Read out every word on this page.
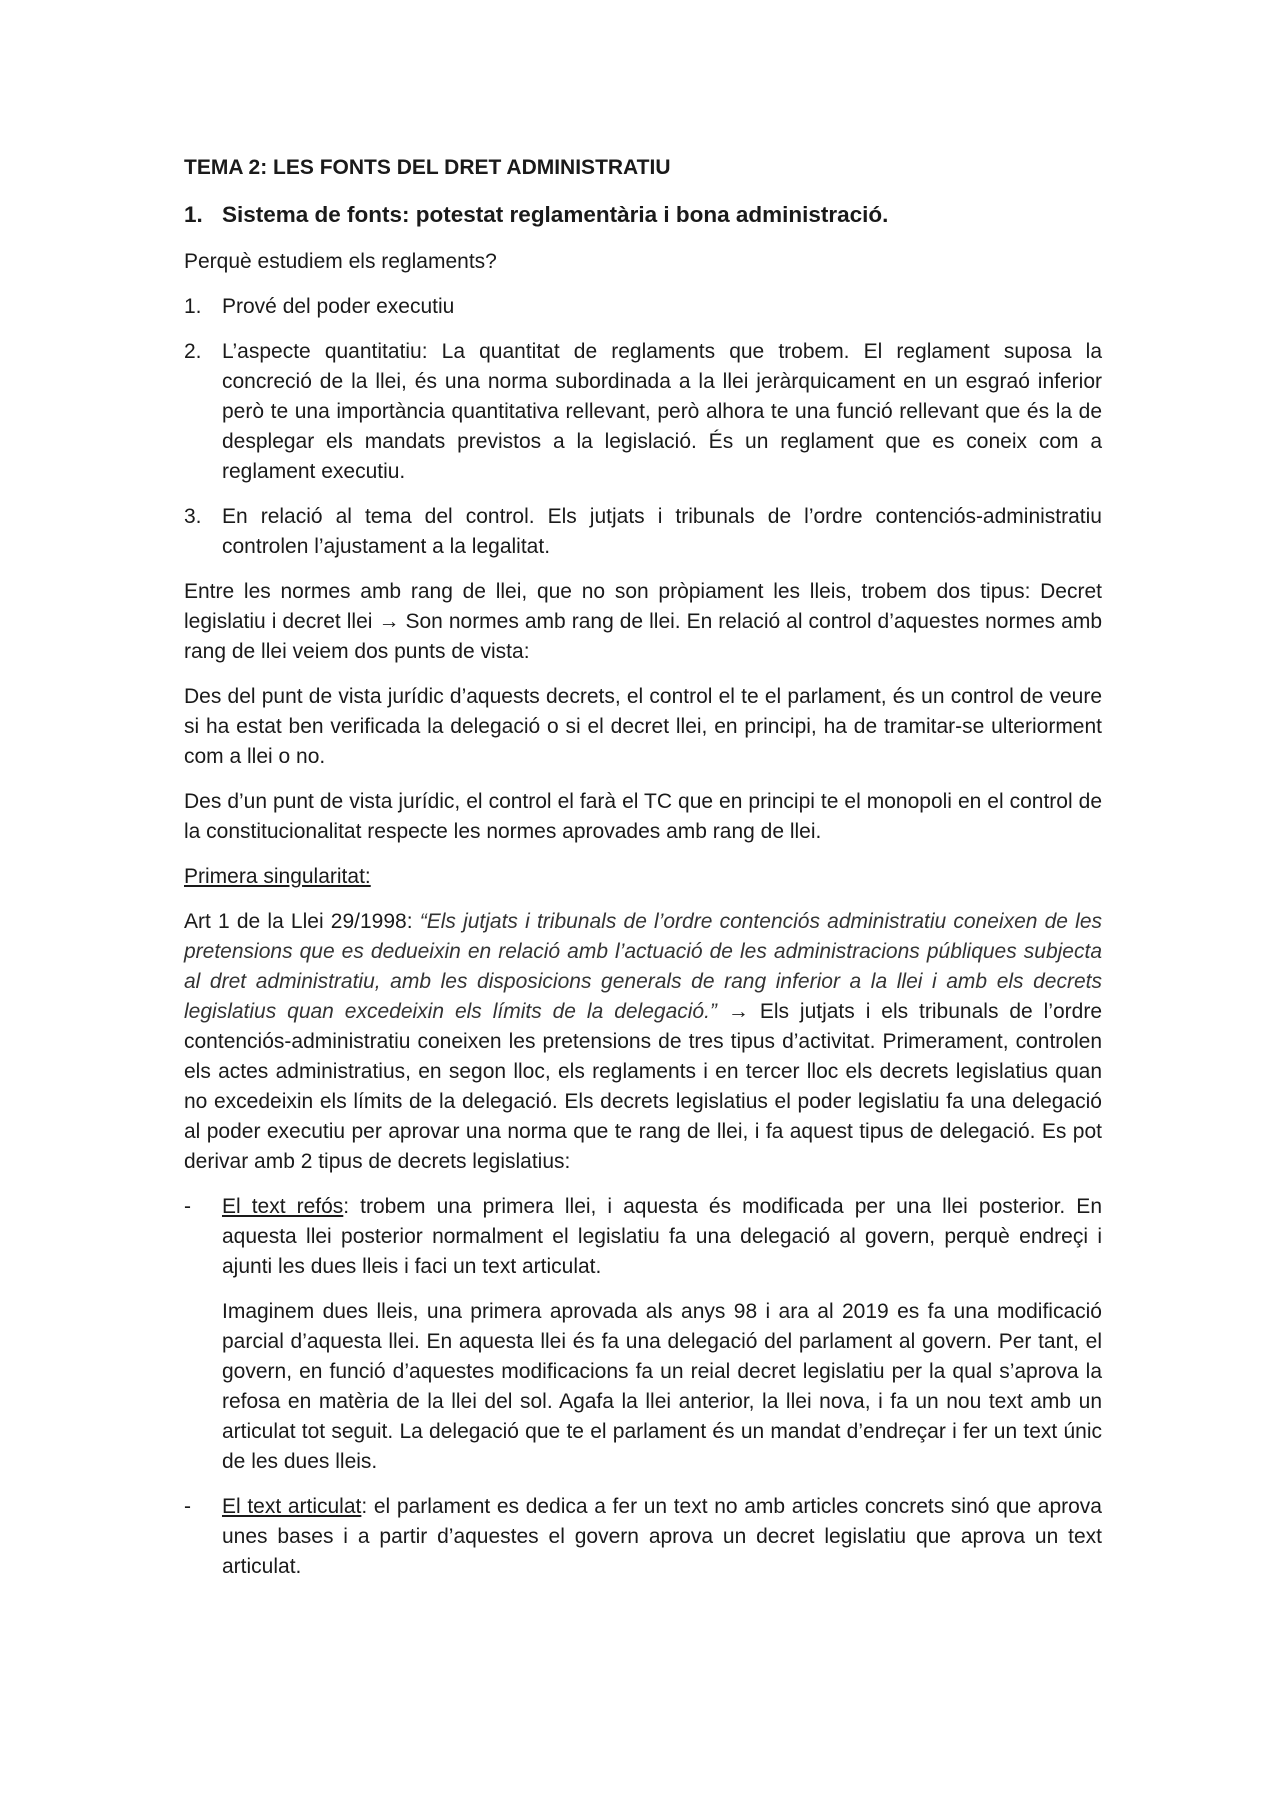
TEMA 2: LES FONTS DEL DRET ADMINISTRATIU

1. Sistema de fonts: potestat reglamentària i bona administració.

Perquè estudiem els reglaments?

1. Prové del poder executiu
2. L’aspecte quantitatiu: La quantitat de reglaments que trobem. El reglament suposa la concreció de la llei, és una norma subordinada a la llei jeràrquicament en un esgraó inferior però te una importància quantitativa rellevant, però alhora te una funció rellevant que és la de desplegar els mandats previstos a la legislació. És un reglament que es coneix com a reglament executiu.
3. En relació al tema del control. Els jutjats i tribunals de l’ordre contenciós-administratiu controlen l’ajustament a la legalitat.

Entre les normes amb rang de llei, que no son pròpiament les lleis, trobem dos tipus: Decret legislatiu i decret llei → Son normes amb rang de llei. En relació al control d’aquestes normes amb rang de llei veiem dos punts de vista:

Des del punt de vista jurídic d’aquests decrets, el control el te el parlament, és un control de veure si ha estat ben verificada la delegació o si el decret llei, en principi, ha de tramitar-se ulteriorment com a llei o no.

Des d’un punt de vista jurídic, el control el farà el TC que en principi te el monopoli en el control de la constitucionalitat respecte les normes aprovades amb rang de llei.

Primera singularitat:

Art 1 de la Llei 29/1998: “Els jutjats i tribunals de l’ordre contenciós administratiu coneixen de les pretensions que es dedueixin en relació amb l’actuació de les administracions públiques subjecta al dret administratiu, amb les disposicions generals de rang inferior a la llei i amb els decrets legislatius quan excedeixin els límits de la delegació.” → Els jutjats i els tribunals de l’ordre contenciós-administratiu coneixen les pretensions de tres tipus d’activitat. Primerament, controlen els actes administratius, en segon lloc, els reglaments i en tercer lloc els decrets legislatius quan no excedeixin els límits de la delegació. Els decrets legislatius el poder legislatiu fa una delegació al poder executiu per aprovar una norma que te rang de llei, i fa aquest tipus de delegació. Es pot derivar amb 2 tipus de decrets legislatius:

-	El text refós: trobem una primera llei, i aquesta és modificada per una llei posterior. En aquesta llei posterior normalment el legislatiu fa una delegació al govern, perquè endreçi i ajunti les dues lleis i faci un text articulat.

Imaginem dues lleis, una primera aprovada als anys 98 i ara al 2019 es fa una modificació parcial d’aquesta llei. En aquesta llei és fa una delegació del parlament al govern. Per tant, el govern, en funció d’aquestes modificacions fa un reial decret legislatiu per la qual s’aprova la refosa en matèria de la llei del sol. Agafa la llei anterior, la llei nova, i fa un nou text amb un articulat tot seguit. La delegació que te el parlament és un mandat d’endreçar i fer un text únic de les dues lleis.

-	El text articulat: el parlament es dedica a fer un text no amb articles concrets sinó que aprova unes bases i a partir d’aquestes el govern aprova un decret legislatiu que aprova un text articulat.
